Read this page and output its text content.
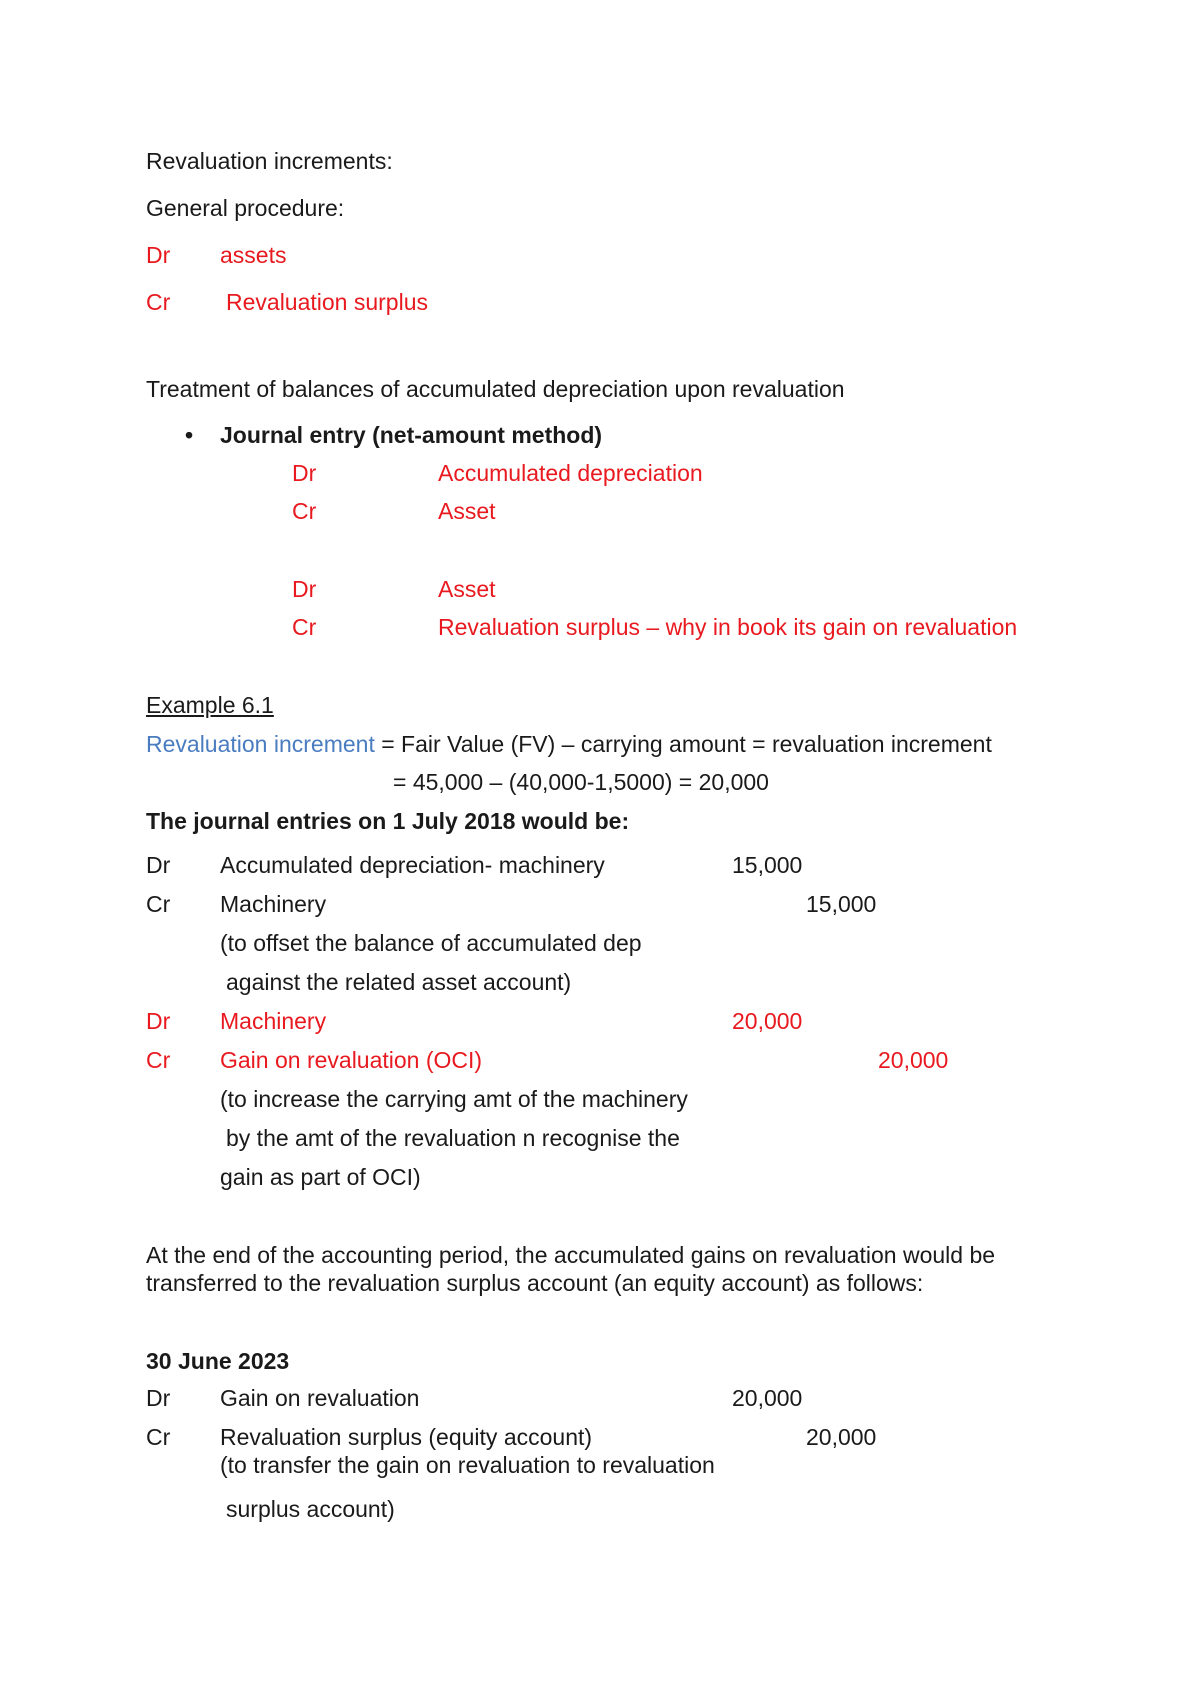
Revaluation increments:
General procedure:
Dr assets
Cr Revaluation surplus
Treatment of balances of accumulated depreciation upon revaluation
• Journal entry (net-amount method)
Dr	Accumulated depreciation
Cr	Asset
Dr	Asset
Cr	Revaluation surplus – why in book its gain on revaluation
Example 6.1
Revaluation increment = Fair Value (FV) – carrying amount = revaluation increment
= 45,000 – (40,000-1,5000) = 20,000
The journal entries on 1 July 2018 would be:
Dr Accumulated depreciation- machinery	15,000
Cr Machinery	15,000
(to offset the balance of accumulated dep
against the related asset account)
Dr Machinery	20,000
Cr Gain on revaluation (OCI)	20,000
(to increase the carrying amt of the machinery
by the amt of the revaluation n recognise the
gain as part of OCI)
At the end of the accounting period, the accumulated gains on revaluation would be
transferred to the revaluation surplus account (an equity account) as follows:
30 June 2023
Dr Gain on revaluation	20,000
Cr Revaluation surplus (equity account)	20,000
(to transfer the gain on revaluation to revaluation
surplus account)
